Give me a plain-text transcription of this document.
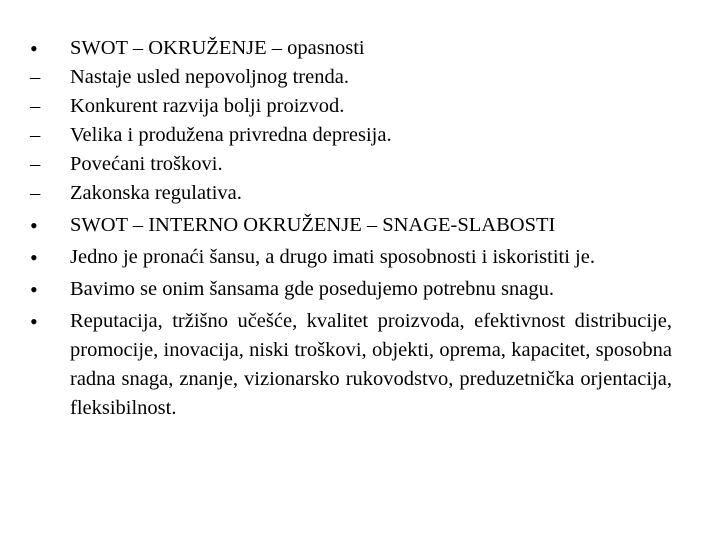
•	SWOT – OKRUŽENJE – opasnosti
–	Nastaje usled nepovoljnog trenda.
–	Konkurent razvija bolji proizvod.
–	Velika i produžena privredna depresija.
–	Povećani troškovi.
–	Zakonska regulativa.
•	SWOT – INTERNO OKRUŽENJE – SNAGE-SLABOSTI
•	Jedno je pronaći šansu, a drugo imati sposobnosti i iskoristiti je.
•	Bavimo se onim šansama gde posedujemo potrebnu snagu.
•	Reputacija, tržišno učešće, kvalitet proizvoda, efektivnost distribucije, promocije, inovacija, niski troškovi, objekti, oprema, kapacitet, sposobna radna snaga, znanje, vizionarsko rukovodstvo, preduzetnička orjentacija, fleksibilnost.
